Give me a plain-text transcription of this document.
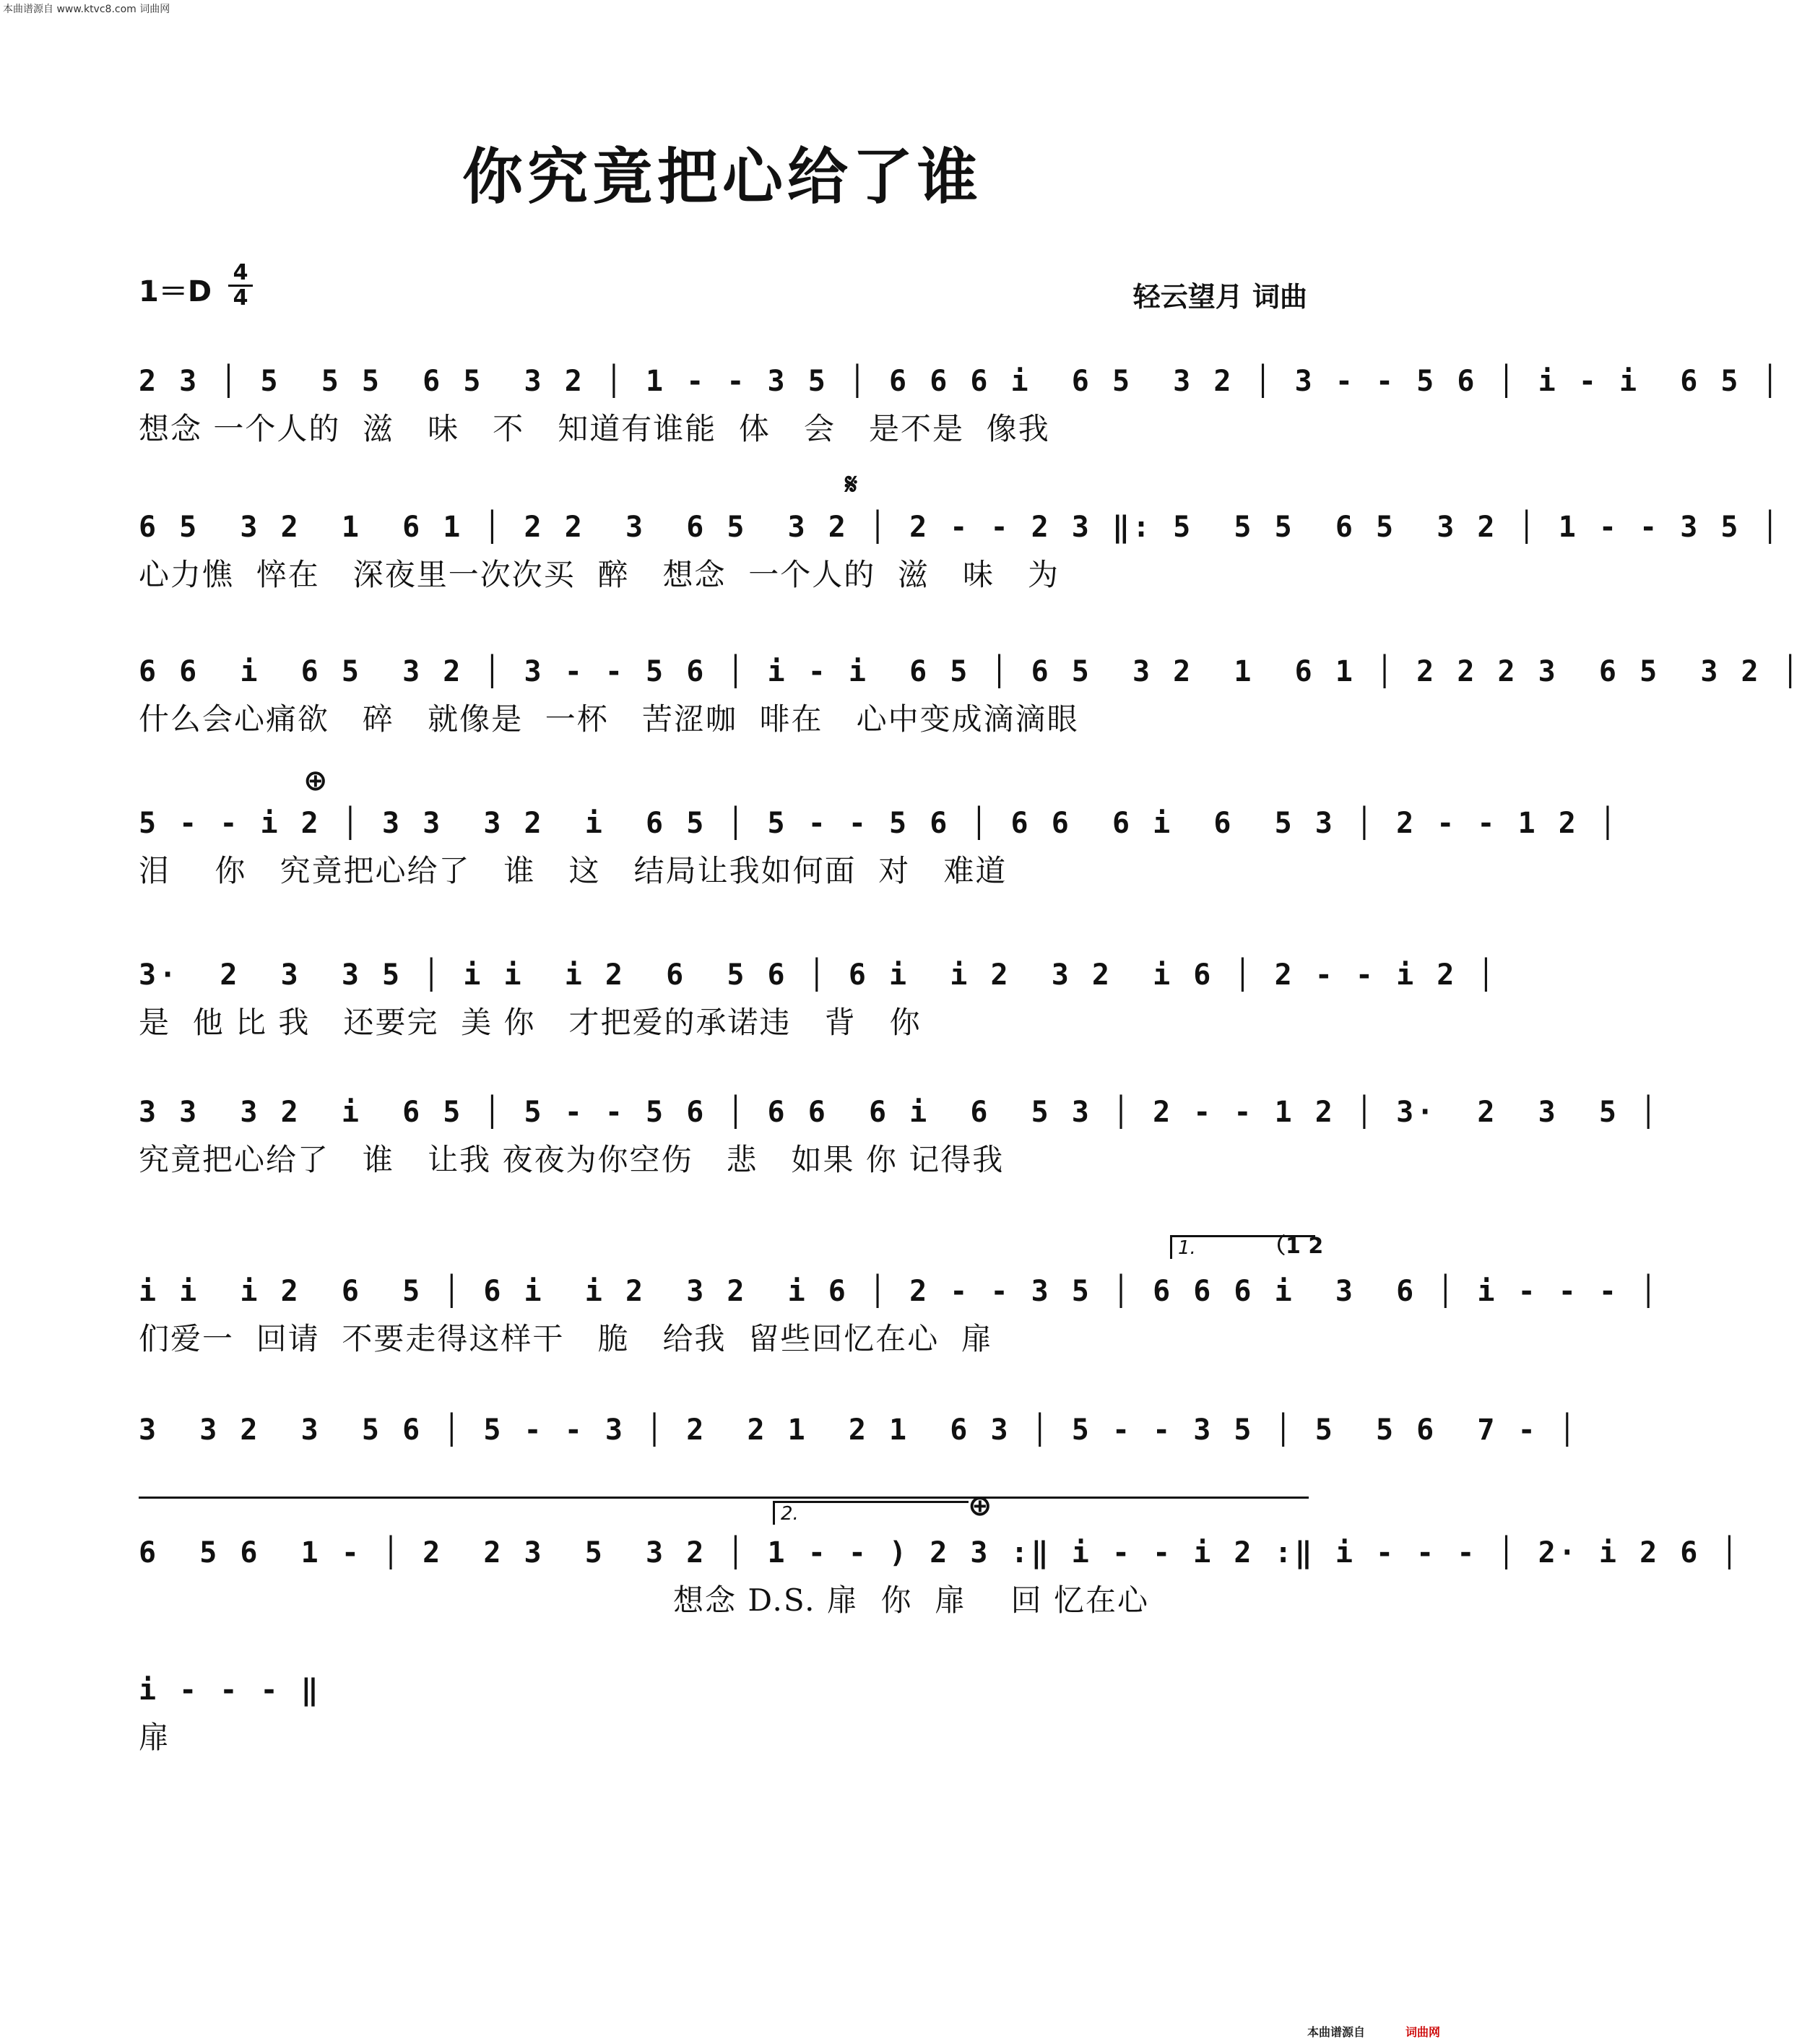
本曲谱源自 www.ktvc8.com 词曲网
你究竟把心给了谁
1＝D
4
4	轻云望月 词曲
2 3 │ 5  5 5  6 5  3 2 │ 1 - - 3 5 │ 6 6 6 i  6 5  3 2 │ 3 - - 5 6 │ i - i  6 5 │
想念 一个人的  滋   味   不   知道有谁能  体   会   是不是  像我
𝄋
6 5  3 2  1  6 1 │ 2 2  3  6 5  3 2 │ 2 - - 2 3 ‖: 5  5 5  6 5  3 2 │ 1 - - 3 5 │
心力憔  悴在   深夜里一次次买  醉   想念  一个人的  滋   味   为
6 6  i  6 5  3 2 │ 3 - - 5 6 │ i - i  6 5 │ 6 5  3 2  1  6 1 │ 2 2 2 3  6 5  3 2 │
什么会心痛欲   碎   就像是  一杯   苦涩咖  啡在   心中变成滴滴眼
⊕
5 - - i 2 │ 3 3  3 2  i  6 5 │ 5 - - 5 6 │ 6 6  6 i  6  5 3 │ 2 - - 1 2 │
泪    你   究竟把心给了   谁   这   结局让我如何面  对   难道
3·  2  3  3 5 │ i i  i 2  6  5 6 │ 6 i  i 2  3 2  i 6 │ 2 - - i 2 │
是  他 比 我   还要完  美 你   才把爱的承诺违   背   你
3 3  3 2  i  6 5 │ 5 - - 5 6 │ 6 6  6 i  6  5 3 │ 2 - - 1 2 │ 3·  2  3  5 │
究竟把心给了   谁   让我 夜夜为你空伤   悲   如果 你 记得我
1.	（1 2
i i  i 2  6  5 │ 6 i  i 2  3 2  i 6 │ 2 - - 3 5 │ 6 6 6 i  3  6 │ i - - - │
们爱一  回请  不要走得这样干   脆   给我  留些回忆在心  扉
3  3 2  3  5 6 │ 5 - - 3 │ 2  2 1  2 1  6 3 │ 5 - - 3 5 │ 5  5 6  7 - │
2.	⊕
6  5 6  1 - │ 2  2 3  5  3 2 │ 1 - - ) 2 3 :‖ i - - i 2 :‖ i - - - │ 2· i 2 6 │
想念 D.S. 扉  你  扉    回 忆在心
i - - - ‖
扉
本曲谱源自	词曲网
